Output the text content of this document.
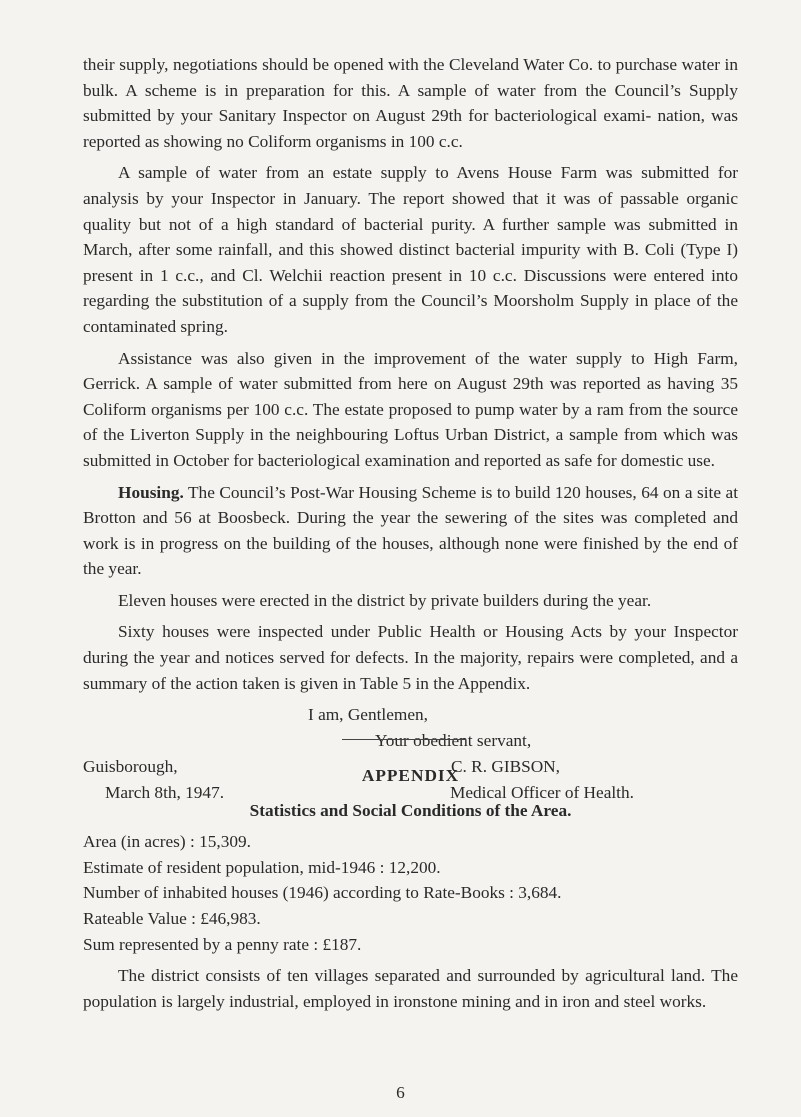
their supply, negotiations should be opened with the Cleveland Water Co. to purchase water in bulk. A scheme is in preparation for this. A sample of water from the Council’s Supply submitted by your Sanitary Inspector on August 29th for bacteriological exami- nation, was reported as showing no Coliform organisms in 100 c.c.

A sample of water from an estate supply to Avens House Farm was submitted for analysis by your Inspector in January. The report showed that it was of passable organic quality but not of a high standard of bacterial purity. A further sample was submitted in March, after some rainfall, and this showed distinct bacterial impurity with B. Coli (Type I) present in 1 c.c., and Cl. Welchii reaction present in 10 c.c. Discussions were entered into regarding the substitution of a supply from the Council’s Moorsholm Supply in place of the contaminated spring.

Assistance was also given in the improvement of the water supply to High Farm, Gerrick. A sample of water submitted from here on August 29th was reported as having 35 Coliform organisms per 100 c.c. The estate proposed to pump water by a ram from the source of the Liverton Supply in the neighbouring Loftus Urban District, a sample from which was submitted in October for bacteriological examination and reported as safe for domestic use.

Housing. The Council’s Post-War Housing Scheme is to build 120 houses, 64 on a site at Brotton and 56 at Boosbeck. During the year the sewering of the sites was completed and work is in progress on the building of the houses, although none were finished by the end of the year.

Eleven houses were erected in the district by private builders during the year.

Sixty houses were inspected under Public Health or Housing Acts by your Inspector during the year and notices served for defects. In the majority, repairs were completed, and a summary of the action taken is given in Table 5 in the Appendix.

I am, Gentlemen,
Your obedient servant,
Guisborough,
March 8th, 1947.
C. R. GIBSON,
Medical Officer of Health.

APPENDIX

Statistics and Social Conditions of the Area.

Area (in acres) : 15,309.

Estimate of resident population, mid-1946 : 12,200.

Number of inhabited houses (1946) according to Rate-Books : 3,684.

Rateable Value : £46,983.

Sum represented by a penny rate : £187.

The district consists of ten villages separated and surrounded by agricultural land. The population is largely industrial, employed in ironstone mining and in iron and steel works.

6
